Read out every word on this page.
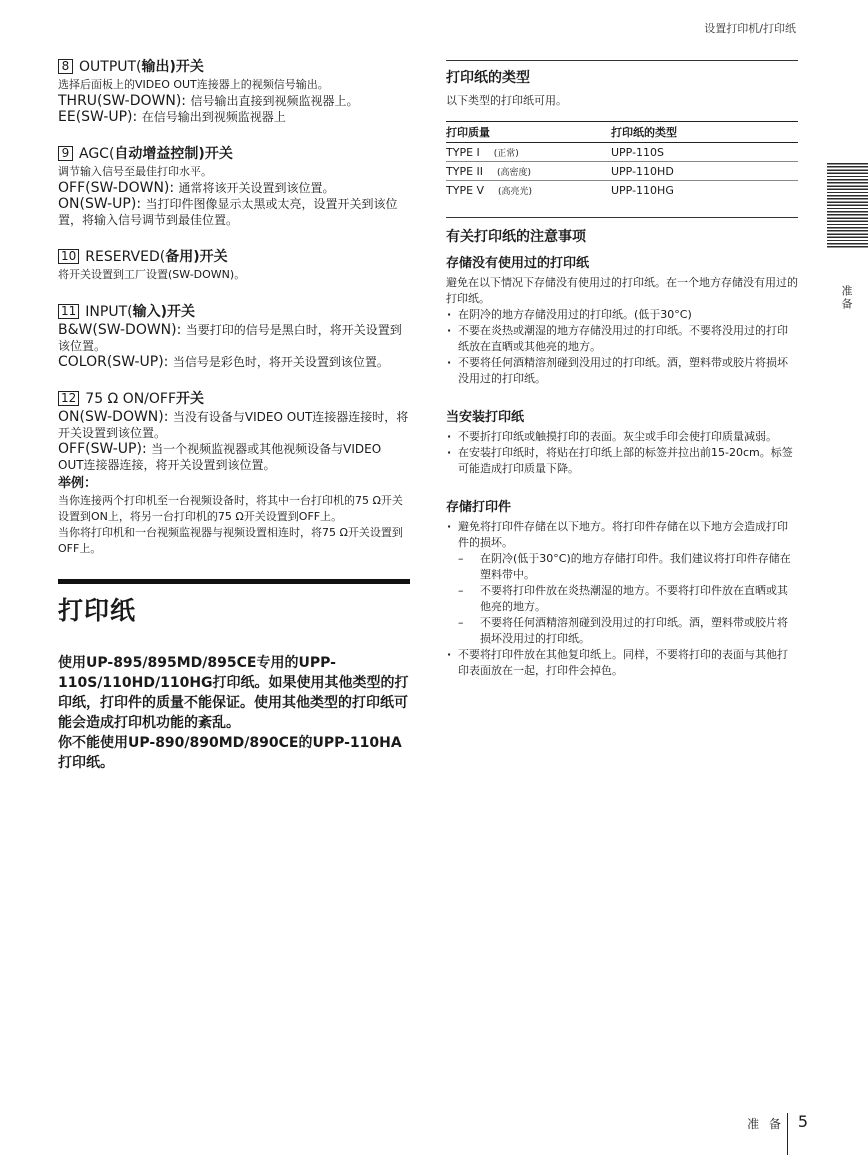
设置打印机/打印纸
准备
8 OUTPUT(输出)开关
选择后面板上的VIDEO OUT连接器上的视频信号输出。
THRU(SW-DOWN): 信号输出直接到视频监视器上。
EE(SW-UP): 在信号输出到视频监视器上
9 AGC(自动增益控制)开关
调节输入信号至最佳打印水平。
OFF(SW-DOWN): 通常将该开关设置到该位置。
ON(SW-UP): 当打印件图像显示太黑或太亮，设置开关到该位置，将输入信号调节到最佳位置。
10 RESERVED(备用)开关
将开关设置到工厂设置(SW-DOWN)。
11 INPUT(输入)开关
B&W(SW-DOWN): 当要打印的信号是黑白时，将开关设置到该位置。
COLOR(SW-UP): 当信号是彩色时，将开关设置到该位置。
12 75 Ω ON/OFF开关
ON(SW-DOWN): 当没有设备与VIDEO OUT连接器连接时，将开关设置到该位置。
OFF(SW-UP): 当一个视频监视器或其他视频设备与VIDEO OUT连接器连接，将开关设置到该位置。
举例：
当你连接两个打印机至一台视频设备时，将其中一台打印机的75 Ω开关设置到ON上，将另一台打印机的75 Ω开关设置到OFF上。
当你将打印机和一台视频监视器与视频设置相连时，将75 Ω开关设置到OFF上。
打印纸
使用UP-895/895MD/895CE专用的UPP-110S/110HD/110HG打印纸。如果使用其他类型的打印纸，打印件的质量不能保证。使用其他类型的打印纸可能会造成打印机功能的紊乱。
你不能使用UP-890/890MD/890CE的UPP-110HA打印纸。
打印纸的类型
以下类型的打印纸可用。
打印质量	打印纸的类型
TYPE I (正常)	UPP-110S
TYPE II (高密度)	UPP-110HD
TYPE V (高亮光)	UPP-110HG
有关打印纸的注意事项
存储没有使用过的打印纸
避免在以下情况下存储没有使用过的打印纸。在一个地方存储没有用过的打印纸。
· 在阴冷的地方存储没用过的打印纸。(低于30°C)
· 不要在炎热或潮湿的地方存储没用过的打印纸。不要将没用过的打印纸放在直晒或其他亮的地方。
· 不要将任何酒精溶剂碰到没用过的打印纸。酒，塑料带或胶片将损坏没用过的打印纸。
当安装打印纸
· 不要折打印纸或触摸打印的表面。灰尘或手印会使打印质量减弱。
· 在安装打印纸时，将贴在打印纸上部的标签并拉出前15-20cm。标签可能造成打印质量下降。
存储打印件
· 避免将打印件存储在以下地方。将打印件存储在以下地方会造成打印件的损坏。
– 在阴冷(低于30°C)的地方存储打印件。我们建议将打印件存储在塑料带中。
– 不要将打印件放在炎热潮湿的地方。不要将打印件放在直晒或其他亮的地方。
– 不要将任何酒精溶剂碰到没用过的打印纸。酒，塑料带或胶片将损坏没用过的打印纸。
· 不要将打印件放在其他复印纸上。同样，不要将打印的表面与其他打印表面放在一起，打印件会掉色。
准 备 5
